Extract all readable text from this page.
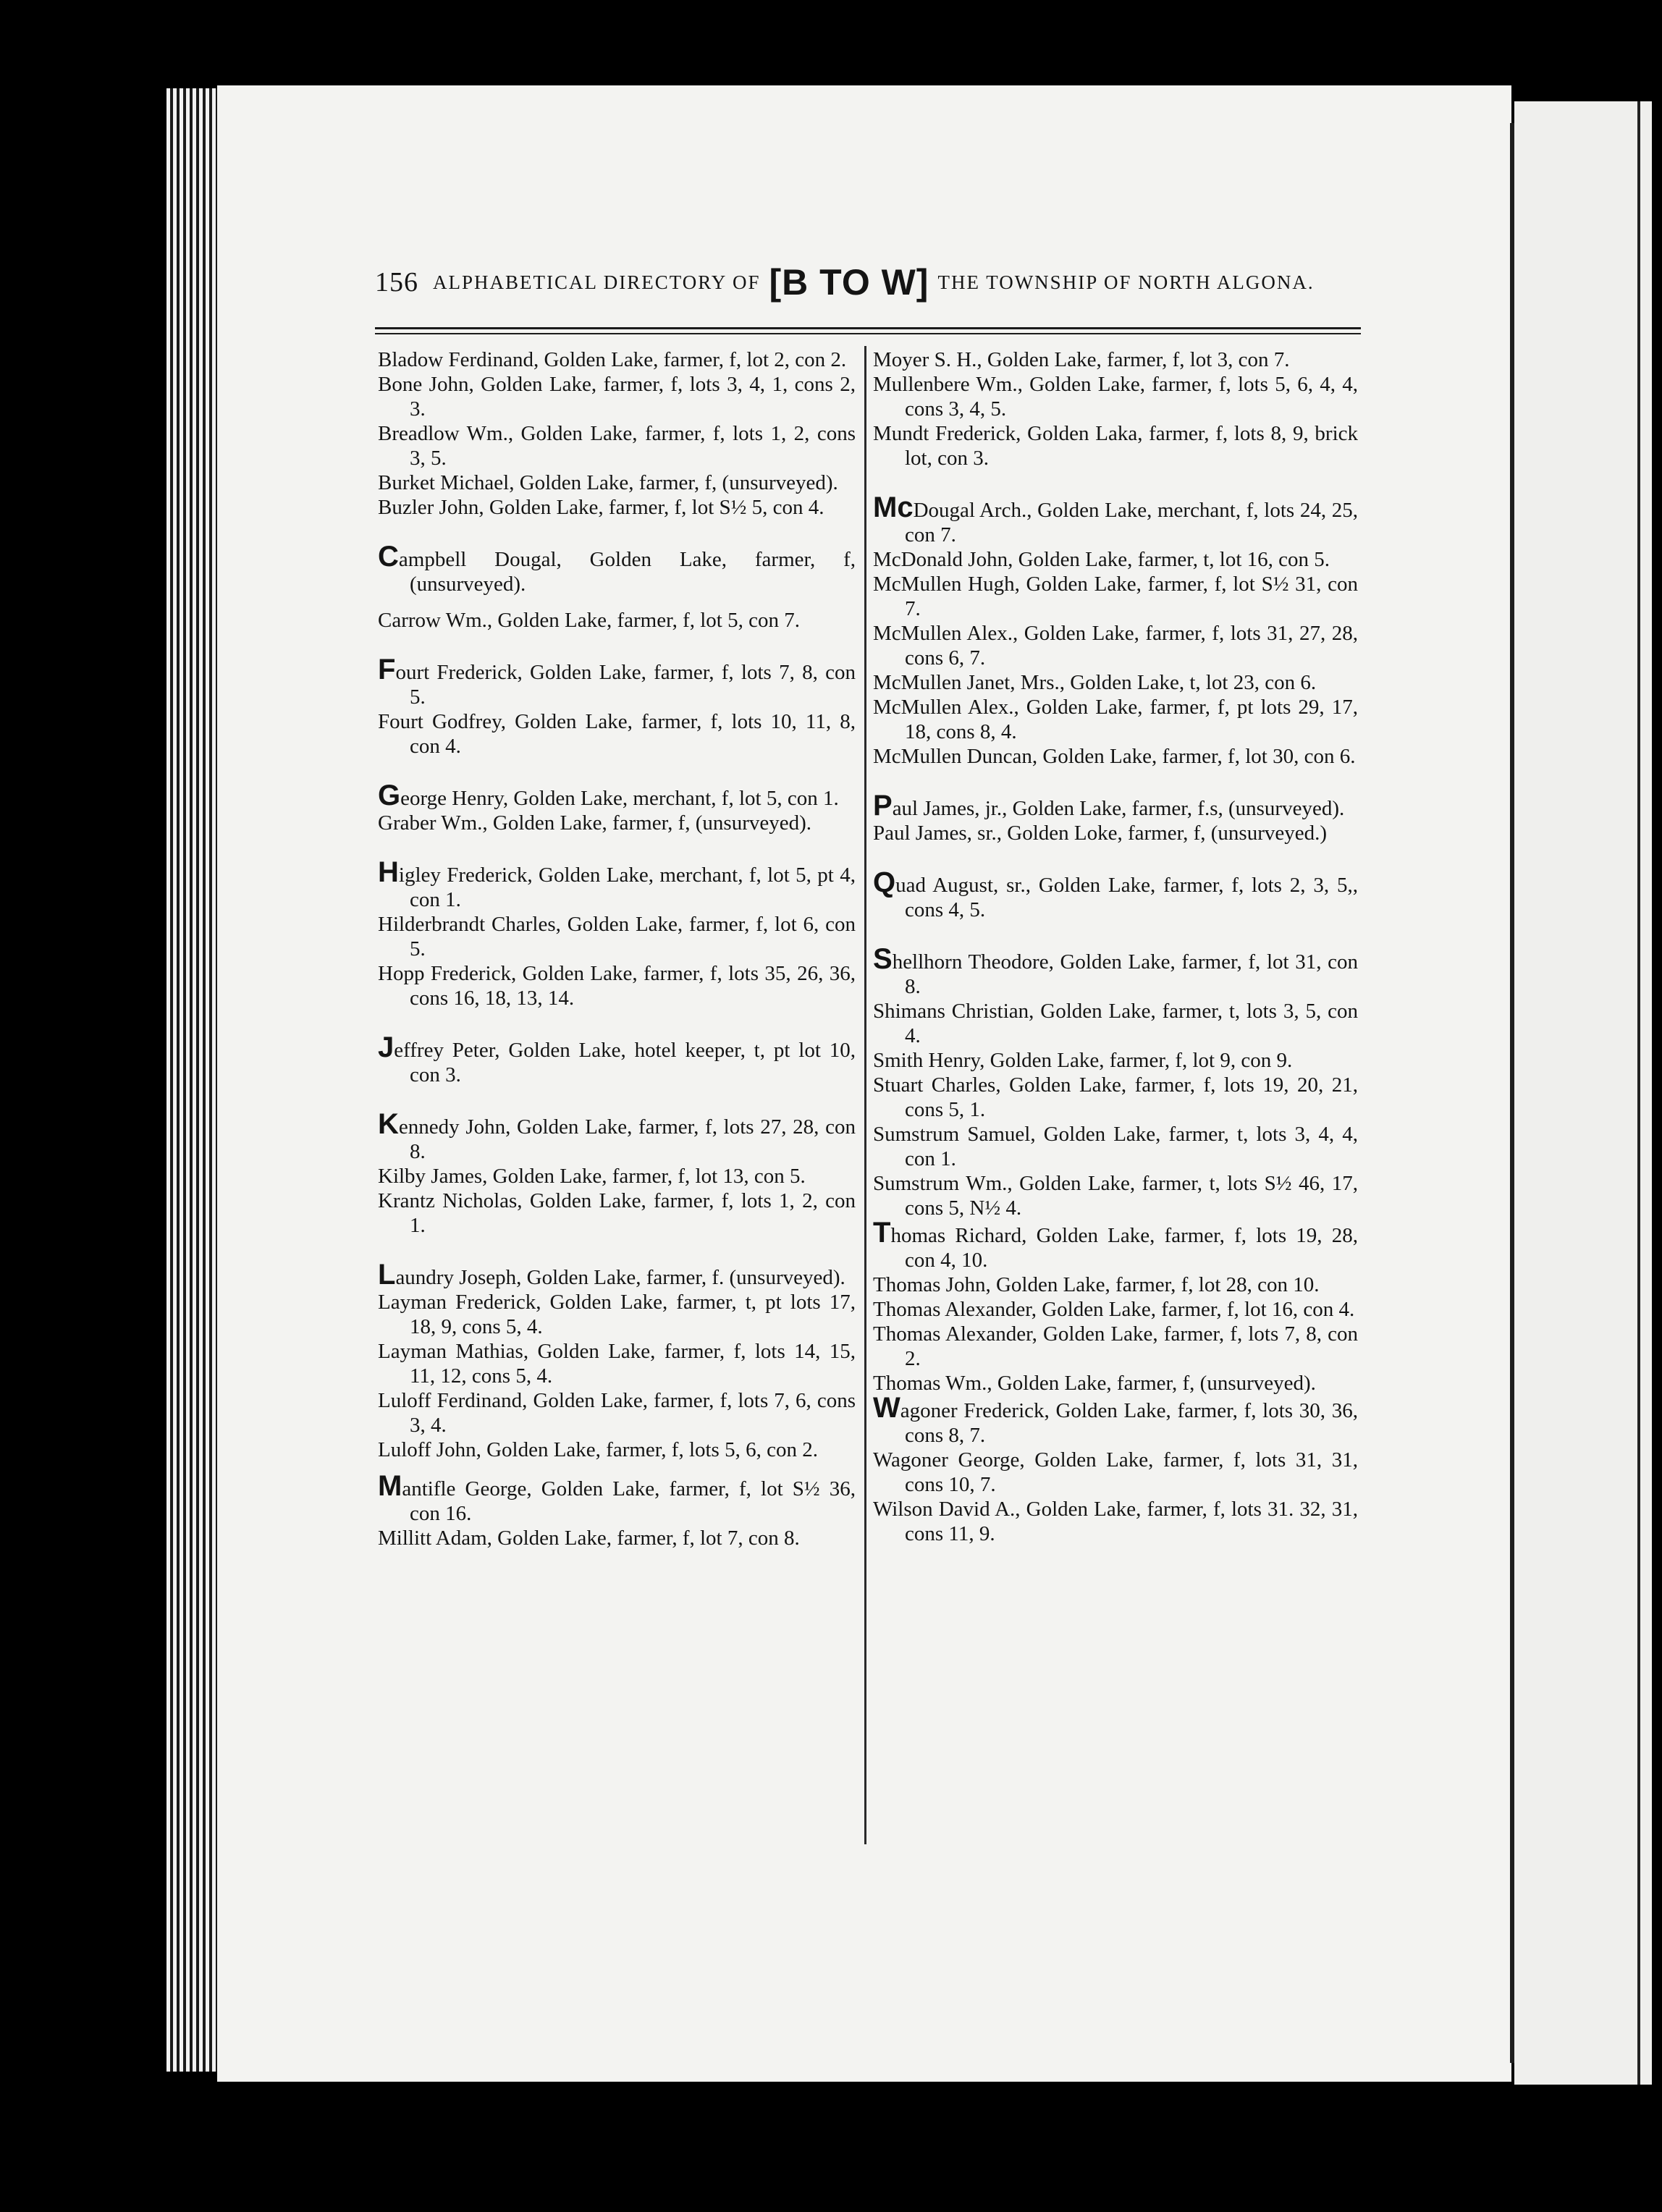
156 ALPHABETICAL DIRECTORY OF [B TO W] THE TOWNSHIP OF NORTH ALGONA.

Bladow Ferdinand, Golden Lake, farmer, f, lot 2, con 2.

Bone John, Golden Lake, farmer, f, lots 3, 4, 1, cons 2, 3.

Breadlow Wm., Golden Lake, farmer, f, lots 1, 2, cons 3, 5.

Burket Michael, Golden Lake, farmer, f, (unsurveyed).

Buzler John, Golden Lake, farmer, f, lot S½ 5, con 4.

Campbell Dougal, Golden Lake, farmer, f, (unsurveyed).

Carrow Wm., Golden Lake, farmer, f, lot 5, con 7.

Fourt Frederick, Golden Lake, farmer, f, lots 7, 8, con 5.

Fourt Godfrey, Golden Lake, farmer, f, lots 10, 11, 8, con 4.

George Henry, Golden Lake, merchant, f, lot 5, con 1.

Graber Wm., Golden Lake, farmer, f, (unsurveyed).

Higley Frederick, Golden Lake, merchant, f, lot 5, pt 4, con 1.

Hilderbrandt Charles, Golden Lake, farmer, f, lot 6, con 5.

Hopp Frederick, Golden Lake, farmer, f, lots 35, 26, 36, cons 16, 18, 13, 14.

Jeffrey Peter, Golden Lake, hotel keeper, t, pt lot 10, con 3.

Kennedy John, Golden Lake, farmer, f, lots 27, 28, con 8.

Kilby James, Golden Lake, farmer, f, lot 13, con 5.

Krantz Nicholas, Golden Lake, farmer, f, lots 1, 2, con 1.

Laundry Joseph, Golden Lake, farmer, f. (unsurveyed).

Layman Frederick, Golden Lake, farmer, t, pt lots 17, 18, 9, cons 5, 4.

Layman Mathias, Golden Lake, farmer, f, lots 14, 15, 11, 12, cons 5, 4.

Luloff Ferdinand, Golden Lake, farmer, f, lots 7, 6, cons 3, 4.

Luloff John, Golden Lake, farmer, f, lots 5, 6, con 2.

Mantifle George, Golden Lake, farmer, f, lot S½ 36, con 16.

Millitt Adam, Golden Lake, farmer, f, lot 7, con 8.

Moyer S. H., Golden Lake, farmer, f, lot 3, con 7.

Mullenbere Wm., Golden Lake, farmer, f, lots 5, 6, 4, 4, cons 3, 4, 5.

Mundt Frederick, Golden Laka, farmer, f, lots 8, 9, brick lot, con 3.

McDougal Arch., Golden Lake, merchant, f, lots 24, 25, con 7.

McDonald John, Golden Lake, farmer, t, lot 16, con 5.

McMullen Hugh, Golden Lake, farmer, f, lot S½ 31, con 7.

McMullen Alex., Golden Lake, farmer, f, lots 31, 27, 28, cons 6, 7.

McMullen Janet, Mrs., Golden Lake, t, lot 23, con 6.

McMullen Alex., Golden Lake, farmer, f, pt lots 29, 17, 18, cons 8, 4.

McMullen Duncan, Golden Lake, farmer, f, lot 30, con 6.

Paul James, jr., Golden Lake, farmer, f.s, (unsurveyed).

Paul James, sr., Golden Loke, farmer, f, (unsurveyed.)

Quad August, sr., Golden Lake, farmer, f, lots 2, 3, 5,, cons 4, 5.

Shellhorn Theodore, Golden Lake, farmer, f, lot 31, con 8.

Shimans Christian, Golden Lake, farmer, t, lots 3, 5, con 4.

Smith Henry, Golden Lake, farmer, f, lot 9, con 9.

Stuart Charles, Golden Lake, farmer, f, lots 19, 20, 21, cons 5, 1.

Sumstrum Samuel, Golden Lake, farmer, t, lots 3, 4, 4, con 1.

Sumstrum Wm., Golden Lake, farmer, t, lots S½ 46, 17, cons 5, N½ 4.

Thomas Richard, Golden Lake, farmer, f, lots 19, 28, con 4, 10.

Thomas John, Golden Lake, farmer, f, lot 28, con 10.

Thomas Alexander, Golden Lake, farmer, f, lot 16, con 4.

Thomas Alexander, Golden Lake, farmer, f, lots 7, 8, con 2.

Thomas Wm., Golden Lake, farmer, f, (unsurveyed).

Wagoner Frederick, Golden Lake, farmer, f, lots 30, 36, cons 8, 7.

Wagoner George, Golden Lake, farmer, f, lots 31, 31, cons 10, 7.

Wilson David A., Golden Lake, farmer, f, lots 31. 32, 31, cons 11, 9.
